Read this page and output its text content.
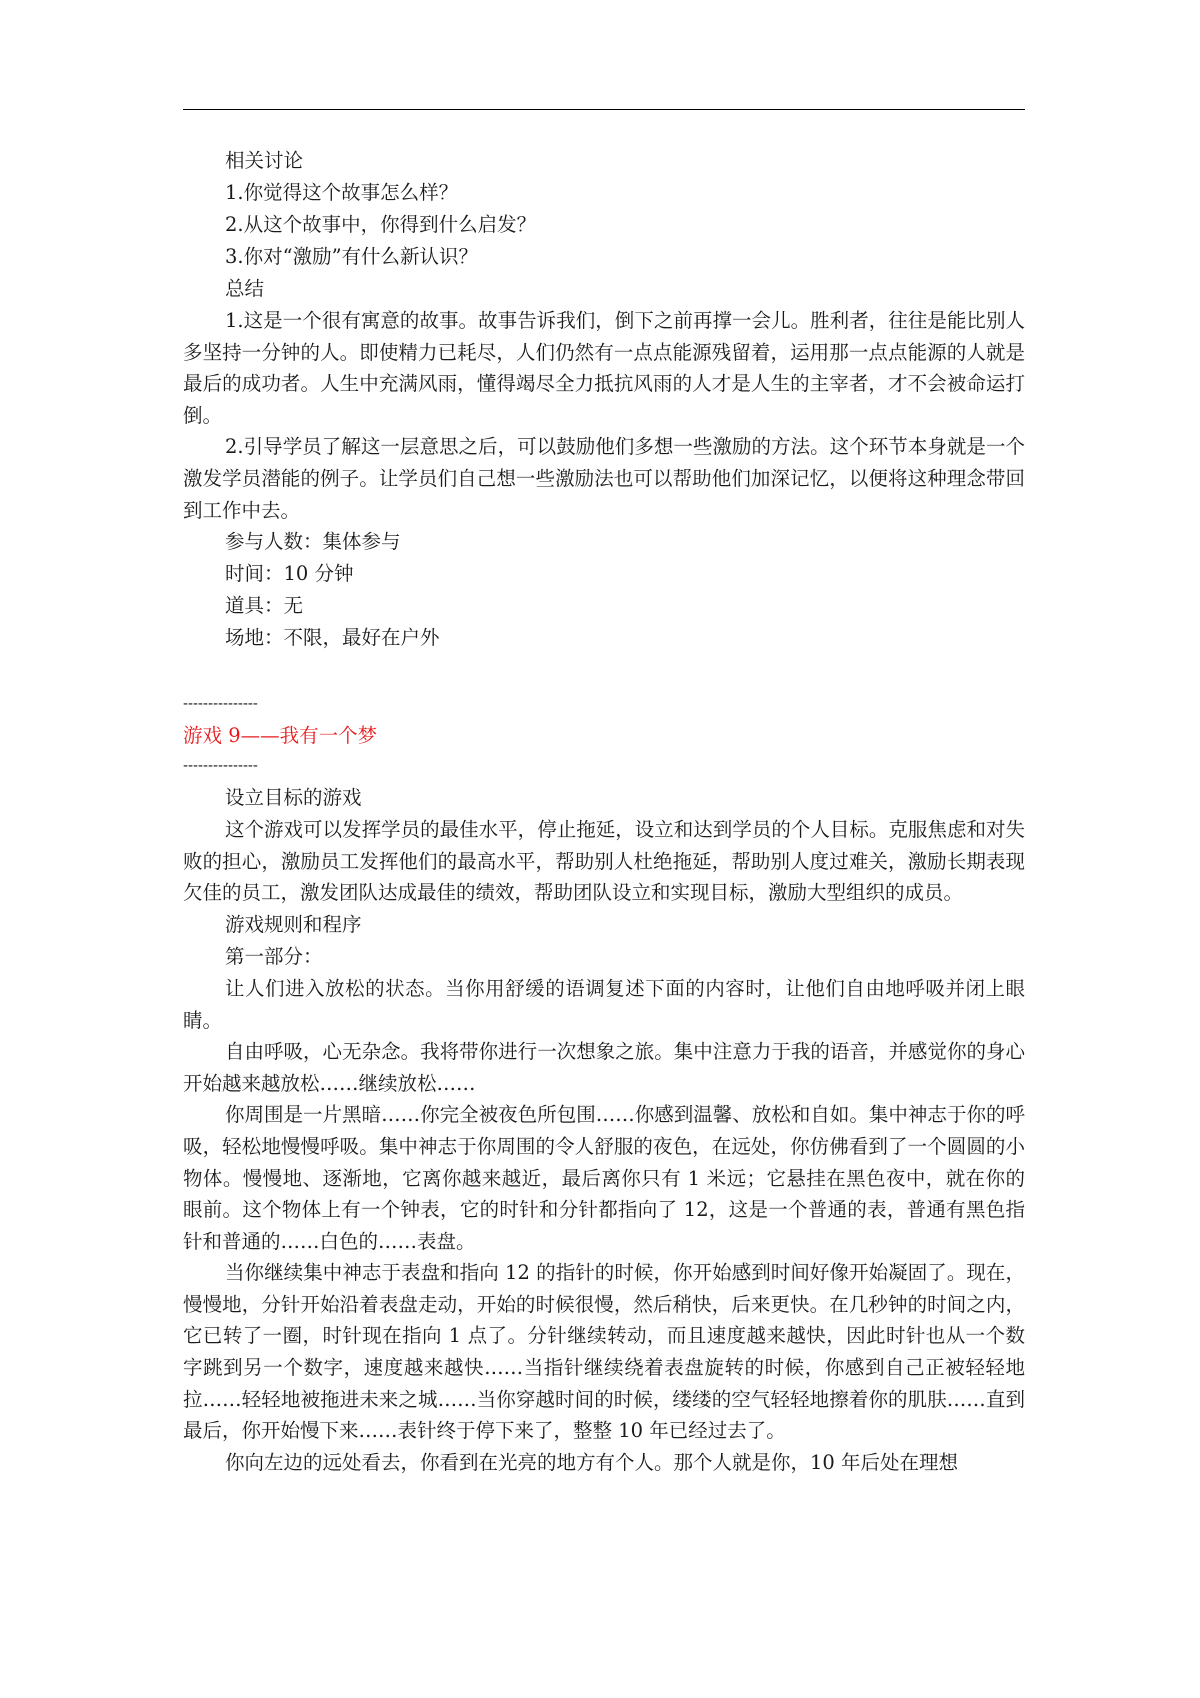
相关讨论

1.你觉得这个故事怎么样？

2.从这个故事中，你得到什么启发？

3.你对“激励”有什么新认识？

总结

1.这是一个很有寓意的故事。故事告诉我们，倒下之前再撑一会儿。胜利者，往往是能比别人多坚持一分钟的人。即使精力已耗尽，人们仍然有一点点能源残留着，运用那一点点能源的人就是最后的成功者。人生中充满风雨，懂得竭尽全力抵抗风雨的人才是人生的主宰者，才不会被命运打倒。

2.引导学员了解这一层意思之后，可以鼓励他们多想一些激励的方法。这个环节本身就是一个激发学员潜能的例子。让学员们自己想一些激励法也可以帮助他们加深记忆，以便将这种理念带回到工作中去。

参与人数：集体参与

时间：10 分钟

道具：无

场地：不限，最好在户外

---------------

游戏 9——我有一个梦

---------------

设立目标的游戏

这个游戏可以发挥学员的最佳水平，停止拖延，设立和达到学员的个人目标。克服焦虑和对失败的担心，激励员工发挥他们的最高水平，帮助别人杜绝拖延，帮助别人度过难关，激励长期表现欠佳的员工，激发团队达成最佳的绩效，帮助团队设立和实现目标，激励大型组织的成员。

游戏规则和程序

第一部分：

让人们进入放松的状态。当你用舒缓的语调复述下面的内容时，让他们自由地呼吸并闭上眼睛。

自由呼吸，心无杂念。我将带你进行一次想象之旅。集中注意力于我的语音，并感觉你的身心开始越来越放松……继续放松……

你周围是一片黑暗……你完全被夜色所包围……你感到温馨、放松和自如。集中神志于你的呼吸，轻松地慢慢呼吸。集中神志于你周围的令人舒服的夜色，在远处，你仿佛看到了一个圆圆的小物体。慢慢地、逐渐地，它离你越来越近，最后离你只有 1 米远；它悬挂在黑色夜中，就在你的眼前。这个物体上有一个钟表，它的时针和分针都指向了 12，这是一个普通的表，普通有黑色指针和普通的……白色的……表盘。

当你继续集中神志于表盘和指向 12 的指针的时候，你开始感到时间好像开始凝固了。现在，慢慢地，分针开始沿着表盘走动，开始的时候很慢，然后稍快，后来更快。在几秒钟的时间之内，它已转了一圈，时针现在指向 1 点了。分针继续转动，而且速度越来越快，因此时针也从一个数字跳到另一个数字，速度越来越快……当指针继续绕着表盘旋转的时候，你感到自己正被轻轻地拉……轻轻地被拖进未来之城……当你穿越时间的时候，缕缕的空气轻轻地擦着你的肌肤……直到最后，你开始慢下来……表针终于停下来了，整整 10 年已经过去了。

你向左边的远处看去，你看到在光亮的地方有个人。那个人就是你，10 年后处在理想
